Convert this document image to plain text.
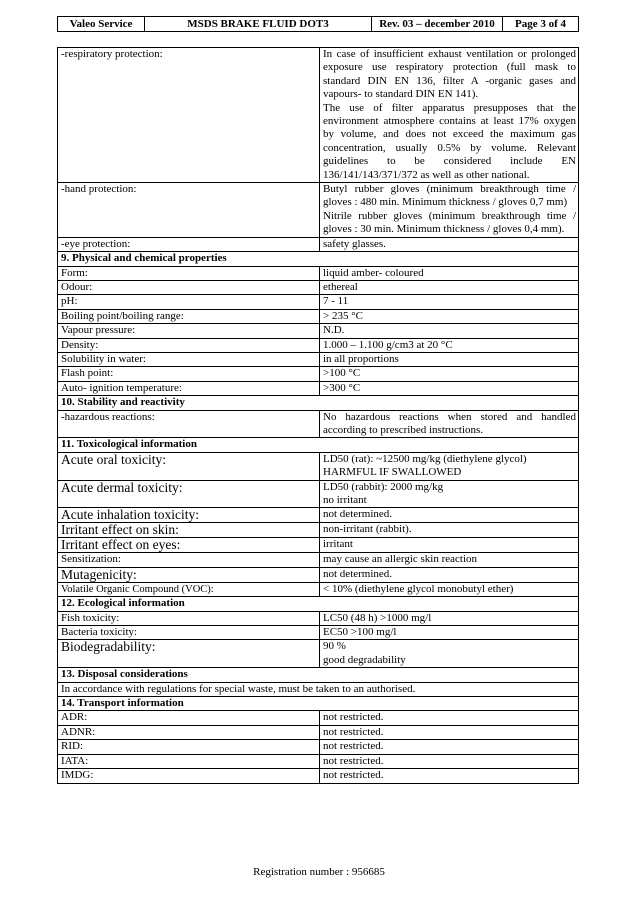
Valeo Service	MSDS BRAKE FLUID DOT3	Rev. 03 – december 2010	Page 3 of 4
-respiratory protection:	In case of insufficient exhaust ventilation or prolonged exposure use respiratory protection (full mask to standard DIN EN 136, filter A -organic gases and vapours- to standard DIN EN 141).
The use of filter apparatus presupposes that the environment atmosphere contains at least 17% oxygen by volume, and does not exceed the maximum gas concentration, usually 0.5% by volume. Relevant guidelines to be considered include EN 136/141/143/371/372 as well as other national.

-hand protection:	Butyl rubber gloves (minimum breakthrough time / gloves : 480 min. Minimum thickness / gloves 0,7 mm)
Nitrile rubber gloves (minimum breakthrough time / gloves : 30 min. Minimum thickness / gloves 0,4 mm).

-eye protection:	safety glasses.
9. Physical and chemical properties	
Form:	liquid amber- coloured
Odour:	ethereal
pH:	7 - 11
Boiling point/boiling range:	> 235 °C
Vapour pressure:	N.D.
Density:	1.000 – 1.100 g/cm3 at 20 °C
Solubility in water:	in all proportions
Flash point:	>100 °C
Auto- ignition temperature:	>300 °C
10. Stability and reactivity	
-hazardous reactions:	No hazardous reactions when stored and handled according to prescribed instructions.
11. Toxicological information	
Acute oral toxicity:	LD50 (rat): ~12500 mg/kg (diethylene glycol)
HARMFUL IF SWALLOWED

Acute dermal toxicity:	LD50 (rabbit): 2000 mg/kg
no irritant

Acute inhalation toxicity:	not determined.
Irritant effect on skin:	non-irritant (rabbit).
Irritant effect on eyes:	irritant
Sensitization:	may cause an allergic skin reaction
Mutagenicity:	not determined.
Volatile Organic Compound (VOC):	< 10% (diethylene glycol monobutyl ether)
12. Ecological information	
Fish toxicity:	LC50 (48 h) >1000 mg/l
Bacteria toxicity:	EC50 >100 mg/l
Biodegradability:	90 %
good degradability

13. Disposal considerations	
In accordance with regulations for special waste, must be taken to an authorised.	
14. Transport information	
ADR:	not restricted.
ADNR:	not restricted.
RID:	not restricted.
IATA:	not restricted.
IMDG:	not restricted.
Registration number : 956685
